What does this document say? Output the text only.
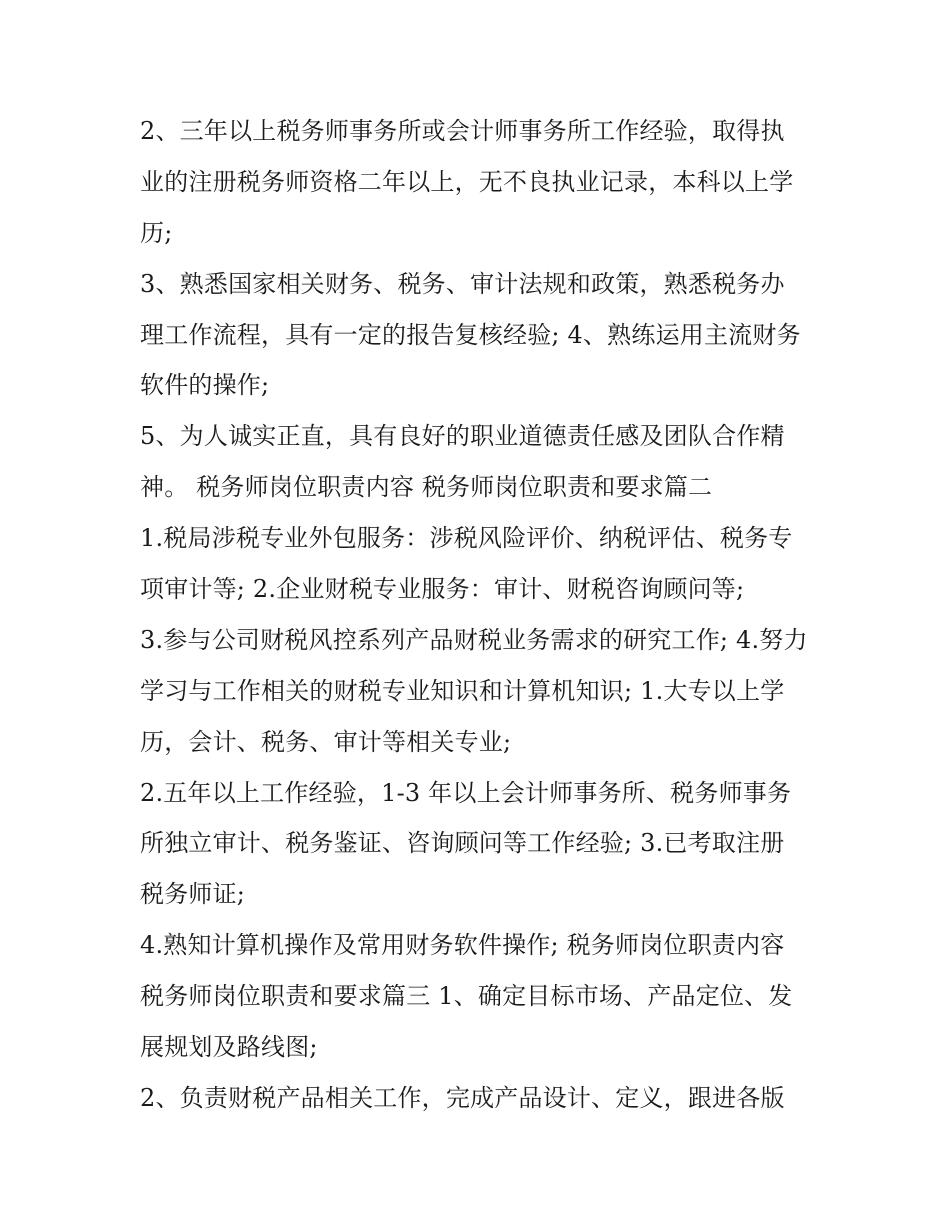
2、三年以上税务师事务所或会计师事务所工作经验，取得执
业的注册税务师资格二年以上，无不良执业记录，本科以上学
历;
3、熟悉国家相关财务、税务、审计法规和政策，熟悉税务办
理工作流程，具有一定的报告复核经验; 4、熟练运用主流财务
软件的操作;
5、为人诚实正直，具有良好的职业道德责任感及团队合作精
神。 税务师岗位职责内容 税务师岗位职责和要求篇二
1.税局涉税专业外包服务：涉税风险评价、纳税评估、税务专
项审计等; 2.企业财税专业服务：审计、财税咨询顾问等;
3.参与公司财税风控系列产品财税业务需求的研究工作; 4.努力
学习与工作相关的财税专业知识和计算机知识; 1.大专以上学
历，会计、税务、审计等相关专业;
2.五年以上工作经验，1-3 年以上会计师事务所、税务师事务
所独立审计、税务鉴证、咨询顾问等工作经验; 3.已考取注册
税务师证;
4.熟知计算机操作及常用财务软件操作; 税务师岗位职责内容
税务师岗位职责和要求篇三 1、确定目标市场、产品定位、发
展规划及路线图;
2、负责财税产品相关工作，完成产品设计、定义，跟进各版
